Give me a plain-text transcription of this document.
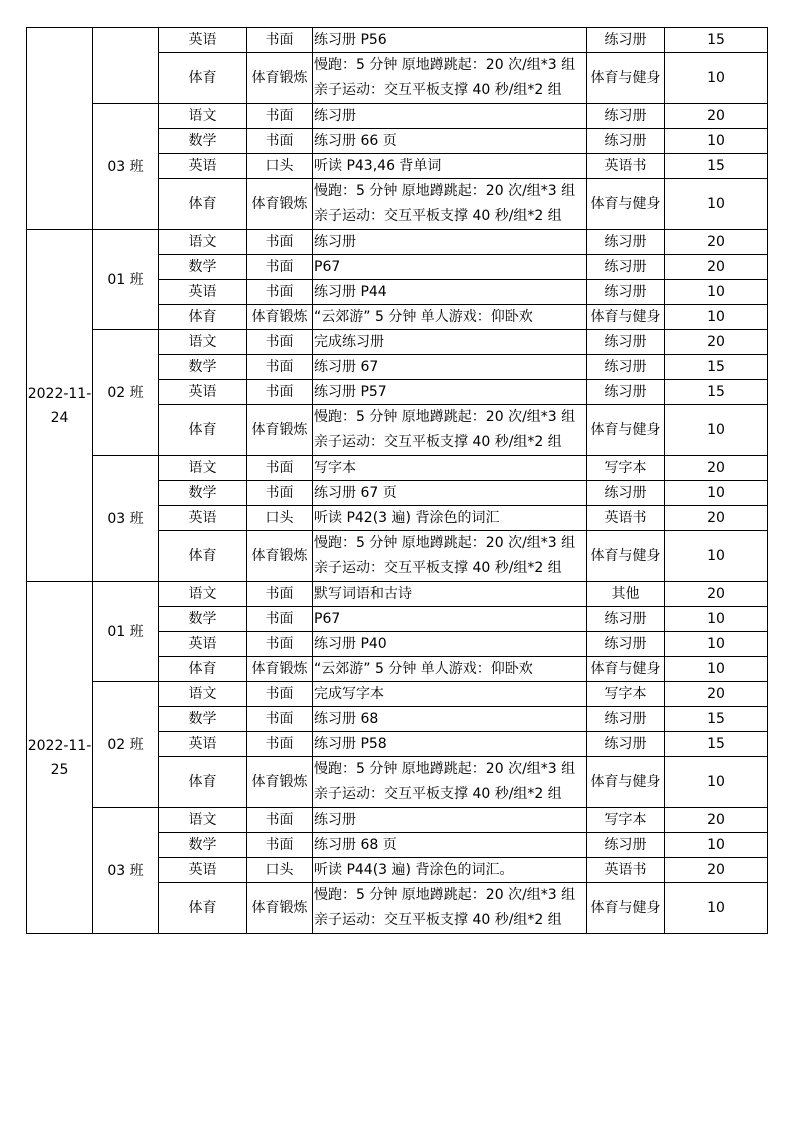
		英语	书面	练习册 P56	练习册	15
		体育	体育锻炼	慢跑：5 分钟 原地蹲跳起：20 次/组*3 组
亲子运动：交互平板支撑 40 秒/组*2 组	体育与健身	10
	03 班	语文	书面	练习册	练习册	20
		数学	书面	练习册 66 页	练习册	10
		英语	口头	听读 P43,46 背单词	英语书	15
		体育	体育锻炼	慢跑：5 分钟 原地蹲跳起：20 次/组*3 组
亲子运动：交互平板支撑 40 秒/组*2 组	体育与健身	10
2022-11-24	01 班	语文	书面	练习册	练习册	20
		数学	书面	P67	练习册	20
		英语	书面	练习册 P44	练习册	10
		体育	体育锻炼	“云郊游” 5 分钟 单人游戏：仰卧欢	体育与健身	10
	02 班	语文	书面	完成练习册	练习册	20
		数学	书面	练习册 67	练习册	15
		英语	书面	练习册 P57	练习册	15
		体育	体育锻炼	慢跑：5 分钟 原地蹲跳起：20 次/组*3 组
亲子运动：交互平板支撑 40 秒/组*2 组	体育与健身	10
	03 班	语文	书面	写字本	写字本	20
		数学	书面	练习册 67 页	练习册	10
		英语	口头	听读 P42(3 遍) 背涂色的词汇	英语书	20
		体育	体育锻炼	慢跑：5 分钟 原地蹲跳起：20 次/组*3 组
亲子运动：交互平板支撑 40 秒/组*2 组	体育与健身	10
2022-11-25	01 班	语文	书面	默写词语和古诗	其他	20
		数学	书面	P67	练习册	10
		英语	书面	练习册 P40	练习册	10
		体育	体育锻炼	“云郊游” 5 分钟 单人游戏：仰卧欢	体育与健身	10
	02 班	语文	书面	完成写字本	写字本	20
		数学	书面	练习册 68	练习册	15
		英语	书面	练习册 P58	练习册	15
		体育	体育锻炼	慢跑：5 分钟 原地蹲跳起：20 次/组*3 组
亲子运动：交互平板支撑 40 秒/组*2 组	体育与健身	10
	03 班	语文	书面	练习册	写字本	20
		数学	书面	练习册 68 页	练习册	10
		英语	口头	听读 P44(3 遍) 背涂色的词汇。	英语书	20
		体育	体育锻炼	慢跑：5 分钟 原地蹲跳起：20 次/组*3 组
亲子运动：交互平板支撑 40 秒/组*2 组	体育与健身	10
